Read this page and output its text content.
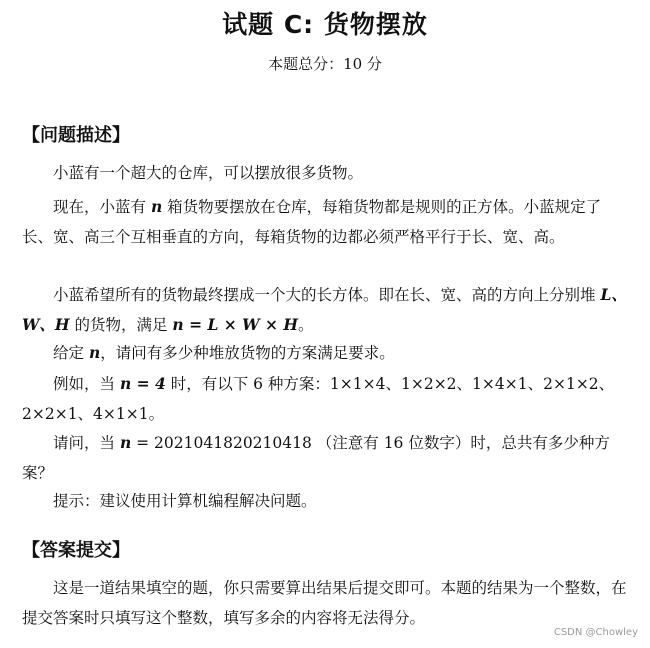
试题 C: 货物摆放
本题总分：10 分
【问题描述】

小蓝有一个超大的仓库，可以摆放很多货物。

现在，小蓝有 n 箱货物要摆放在仓库，每箱货物都是规则的正方体。小蓝规定了长、宽、高三个互相垂直的方向，每箱货物的边都必须严格平行于长、宽、高。

小蓝希望所有的货物最终摆成一个大的长方体。即在长、宽、高的方向上分别堆 L、W、H 的货物，满足 n = L × W × H。

给定 n，请问有多少种堆放货物的方案满足要求。

例如，当 n = 4 时，有以下 6 种方案：1×1×4、1×2×2、1×4×1、2×1×2、2×2×1、4×1×1。

请问，当 n = 2021041820210418 （注意有 16 位数字）时，总共有多少种方案？

提示：建议使用计算机编程解决问题。

【答案提交】

这是一道结果填空的题，你只需要算出结果后提交即可。本题的结果为一个整数，在提交答案时只填写这个整数，填写多余的内容将无法得分。

CSDN @Chowley
